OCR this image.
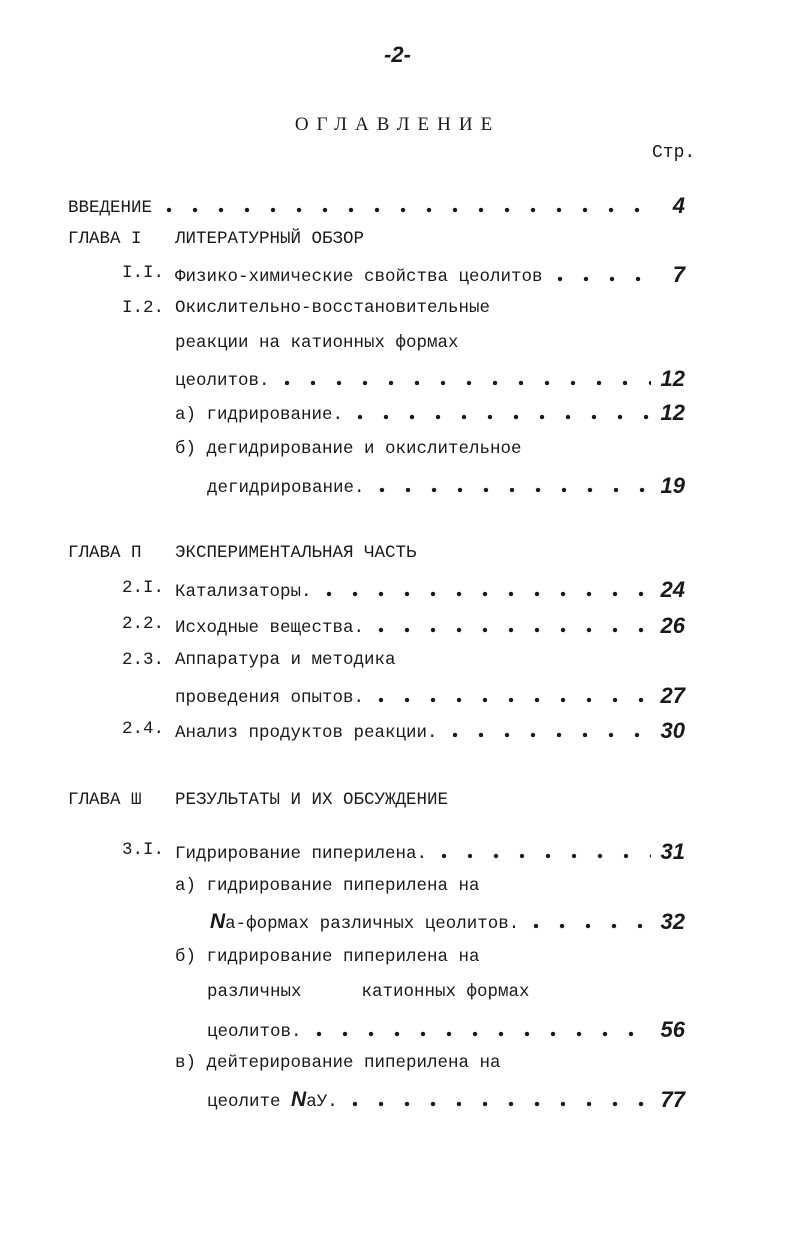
-2-
ОГЛАВЛЕНИЕ
Стр.
ВВЕДЕНИЕ	4
ГЛАВА I ЛИТЕРАТУРНЫЙ ОБЗОР
I.I. Физико-химические свойства цеолитов	7
I.2. Окислительно-восстановительные
реакции на катионных формах
цеолитов.	12
а) гидрирование.	12
б) дегидрирование и окислительное
дегидрирование.	19
ГЛАВА П ЭКСПЕРИМЕНТАЛЬНАЯ ЧАСТЬ
2.I. Катализаторы.	24
2.2. Исходные вещества.	26
2.3. Аппаратура и методика
проведения опытов.	27
2.4. Анализ продуктов реакции.	30
ГЛАВА Ш РЕЗУЛЬТАТЫ И ИХ ОБСУЖДЕНИЕ
3.I. Гидрирование пиперилена.	31
а) гидрирование пиперилена на
N а-формах различных цеолитов.	32
б) гидрирование пиперилена на
различных	катионных формах
цеолитов.	56
в) дейтерирование пиперилена на
цеолите N аУ.	77
